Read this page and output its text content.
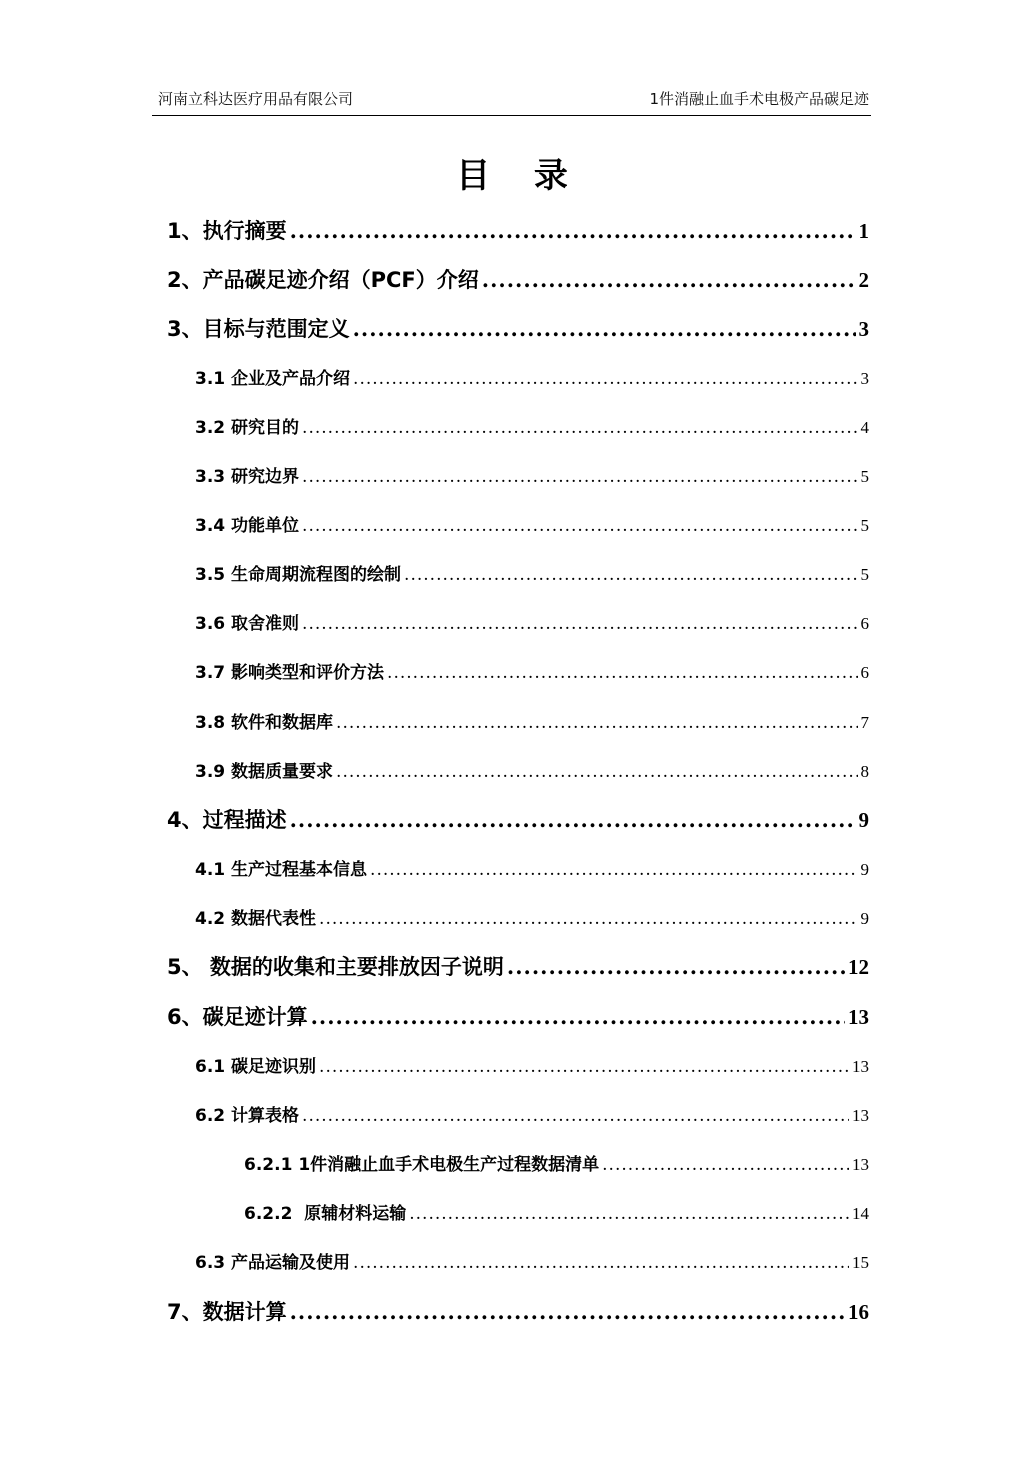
河南立科达医疗用品有限公司	1件消融止血手术电极产品碳足迹
目 录
1、执行摘要 .....	1
2、产品碳足迹介绍（PCF）介绍 .....	2
3、目标与范围定义 .....	3
3.1 企业及产品介绍 .....	3
3.2 研究目的 .....	4
3.3 研究边界 .....	5
3.4 功能单位 .....	5
3.5 生命周期流程图的绘制 .....	5
3.6 取舍准则 .....	6
3.7 影响类型和评价方法 .....	6
3.8 软件和数据库 .....	7
3.9 数据质量要求 .....	8
4、过程描述 .....	9
4.1 生产过程基本信息 .....	9
4.2 数据代表性 .....	9
5、 数据的收集和主要排放因子说明 .....	12
6、碳足迹计算 .....	13
6.1 碳足迹识别 .....	13
6.2 计算表格 .....	13
6.2.1 1件消融止血手术电极生产过程数据清单 .....	13
6.2.2  原辅材料运输 .....	14
6.3 产品运输及使用 .....	15
7、数据计算 .....	16
